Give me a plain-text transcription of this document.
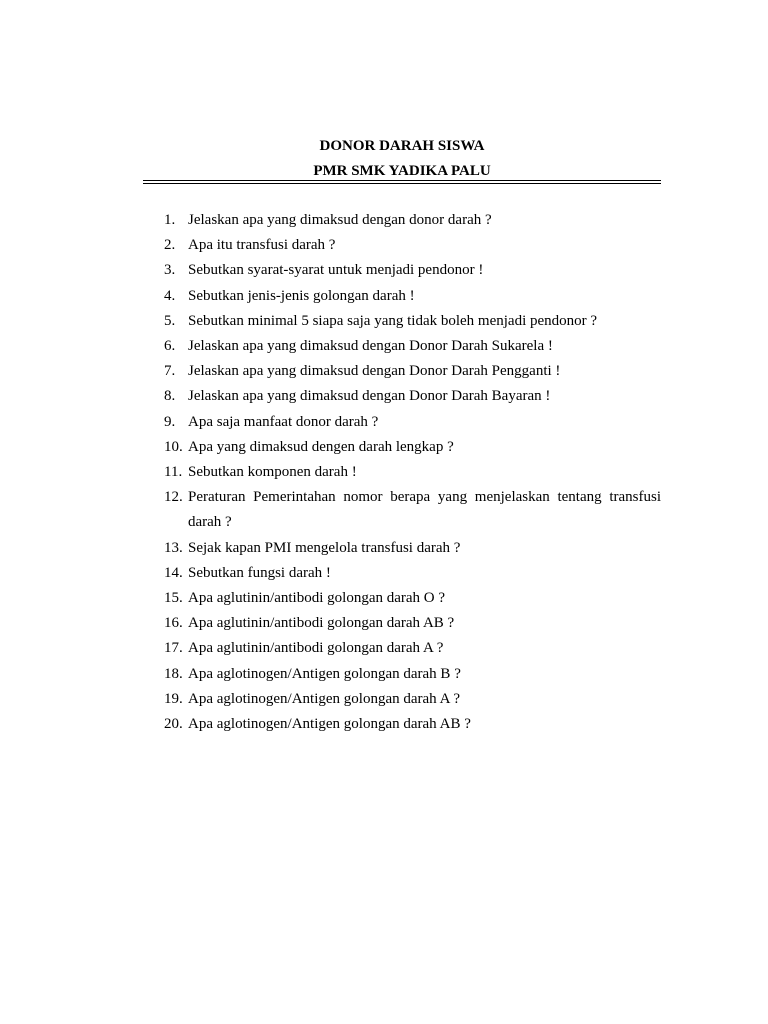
DONOR DARAH SISWA
PMR SMK YADIKA PALU
1. Jelaskan apa yang dimaksud dengan donor darah ?
2. Apa itu transfusi darah ?
3. Sebutkan syarat-syarat untuk menjadi pendonor !
4. Sebutkan jenis-jenis golongan darah !
5. Sebutkan minimal 5 siapa saja yang tidak boleh menjadi pendonor ?
6. Jelaskan apa yang dimaksud dengan Donor Darah Sukarela !
7. Jelaskan apa yang dimaksud dengan Donor Darah Pengganti !
8. Jelaskan apa yang dimaksud dengan Donor Darah Bayaran !
9. Apa saja manfaat donor darah ?
10. Apa yang dimaksud dengen darah lengkap ?
11. Sebutkan komponen darah !
12. Peraturan Pemerintahan nomor berapa yang menjelaskan tentang transfusi darah ?
13. Sejak kapan PMI mengelola transfusi darah ?
14. Sebutkan fungsi darah !
15. Apa aglutinin/antibodi golongan darah O ?
16. Apa aglutinin/antibodi golongan darah AB ?
17. Apa aglutinin/antibodi golongan darah A ?
18. Apa aglotinogen/Antigen golongan darah B ?
19. Apa aglotinogen/Antigen golongan darah A ?
20. Apa aglotinogen/Antigen golongan darah AB ?
